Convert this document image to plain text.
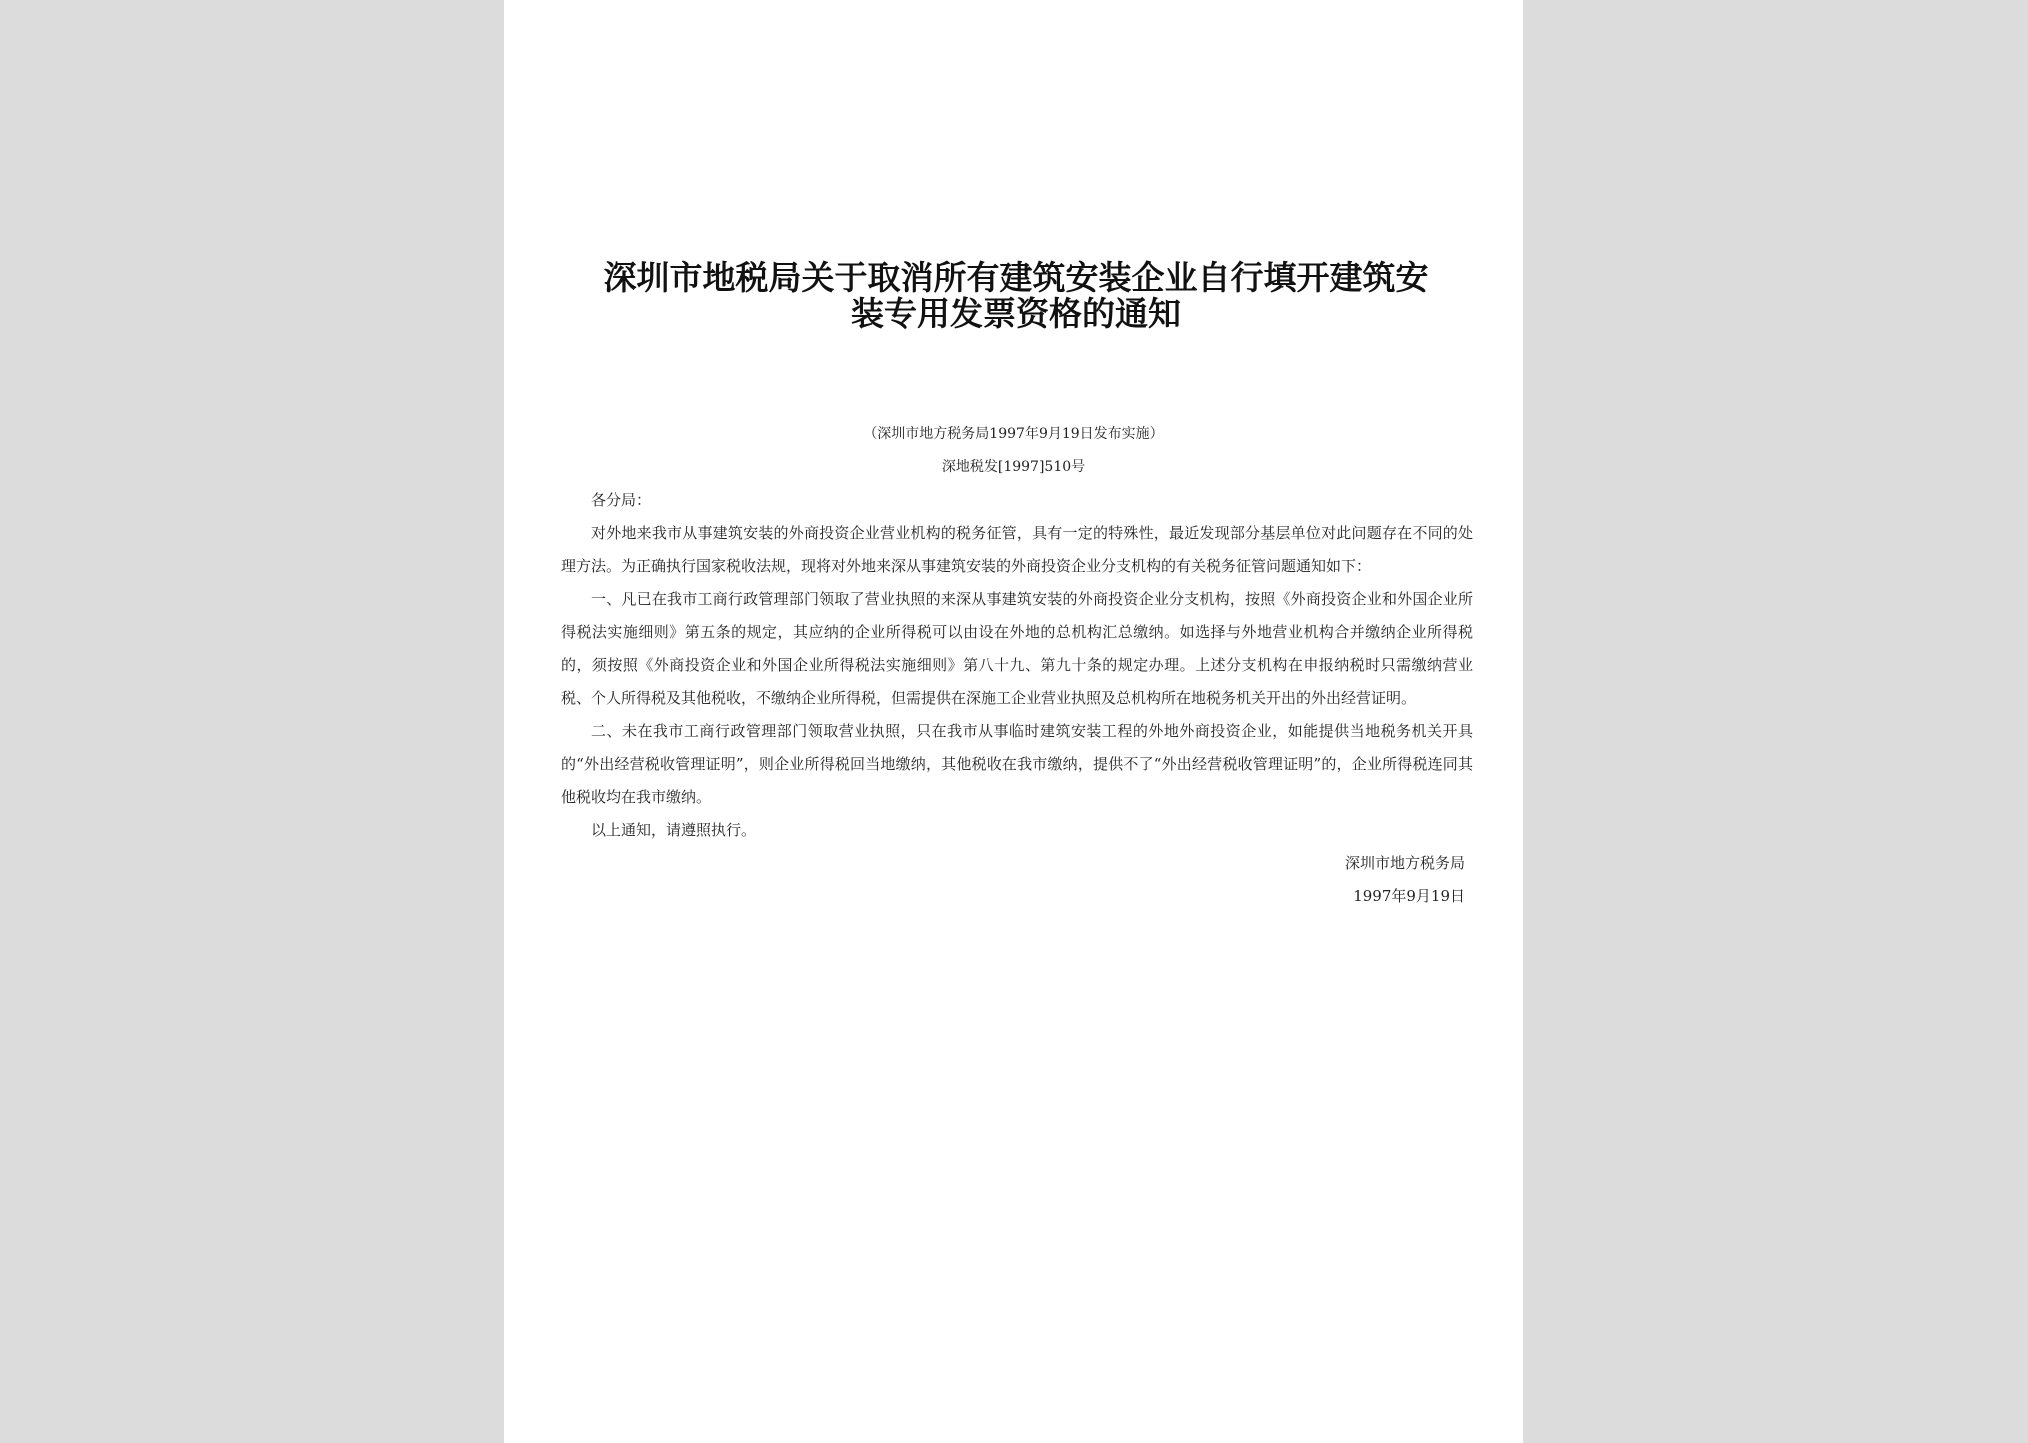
深圳市地税局关于取消所有建筑安装企业自行填开建筑安装专用发票资格的通知
（深圳市地方税务局1997年9月19日发布实施）
深地税发[1997]510号

各分局：

对外地来我市从事建筑安装的外商投资企业营业机构的税务征管，具有一定的特殊性，最近发现部分基层单位对此问题存在不同的处理方法。为正确执行国家税收法规，现将对外地来深从事建筑安装的外商投资企业分支机构的有关税务征管问题通知如下：

一、凡已在我市工商行政管理部门领取了营业执照的来深从事建筑安装的外商投资企业分支机构，按照《外商投资企业和外国企业所得税法实施细则》第五条的规定，其应纳的企业所得税可以由设在外地的总机构汇总缴纳。如选择与外地营业机构合并缴纳企业所得税的，须按照《外商投资企业和外国企业所得税法实施细则》第八十九、第九十条的规定办理。上述分支机构在申报纳税时只需缴纳营业税、个人所得税及其他税收，不缴纳企业所得税，但需提供在深施工企业营业执照及总机构所在地税务机关开出的外出经营证明。

二、未在我市工商行政管理部门领取营业执照，只在我市从事临时建筑安装工程的外地外商投资企业，如能提供当地税务机关开具的“外出经营税收管理证明”，则企业所得税回当地缴纳，其他税收在我市缴纳，提供不了“外出经营税收管理证明”的，企业所得税连同其他税收均在我市缴纳。

以上通知，请遵照执行。

深圳市地方税务局

1997年9月19日
